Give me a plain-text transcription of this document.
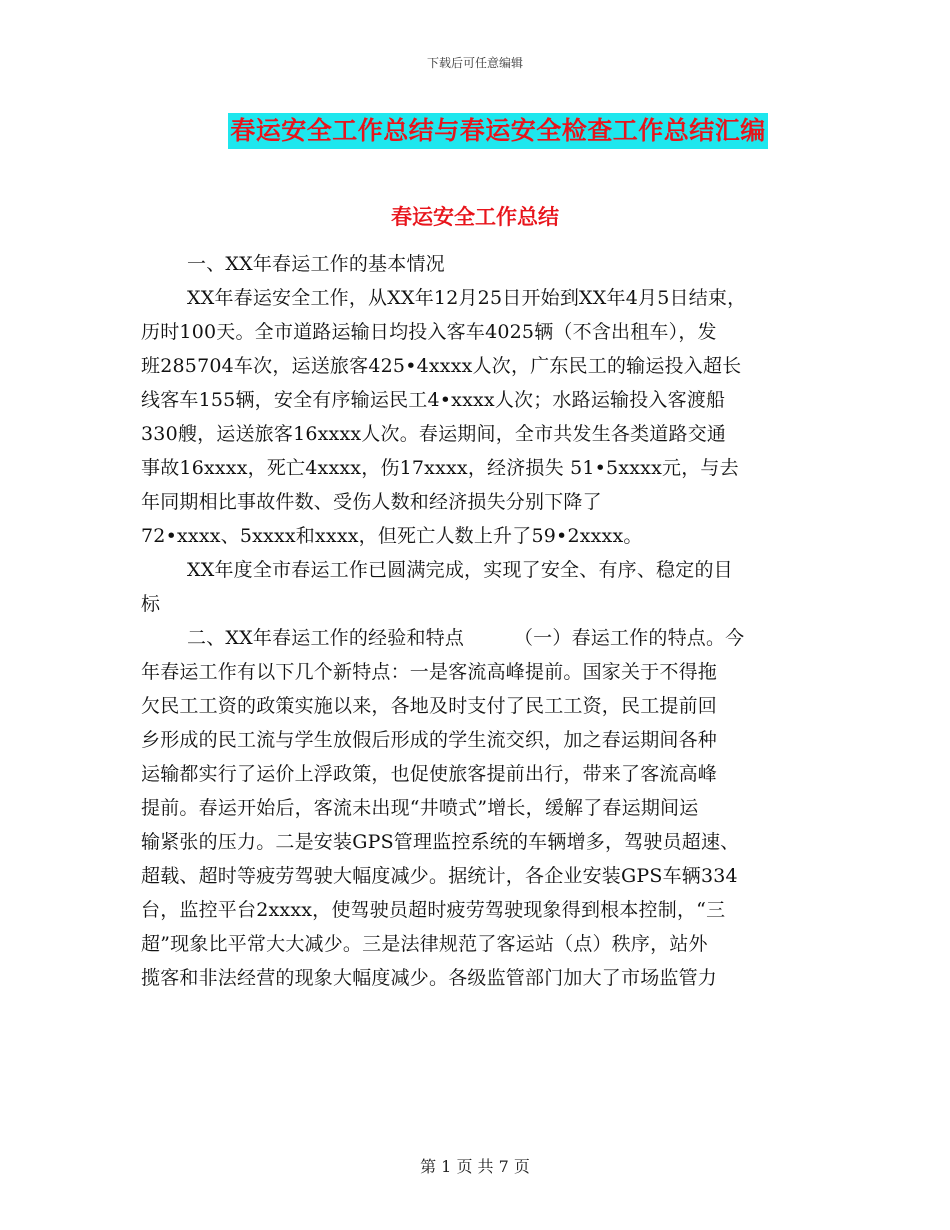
下载后可任意编辑
春运安全工作总结与春运安全检查工作总结汇编
春运安全工作总结
一、XX年春运工作的基本情况
XX年春运安全工作，从XX年12月25日开始到XX年4月5日结束，
历时100天。全市道路运输日均投入客车4025辆（不含出租车），发
班285704车次，运送旅客425•4xxxx人次，广东民工的输运投入超长
线客车155辆，安全有序输运民工4•xxxx人次；水路运输投入客渡船
330艘，运送旅客16xxxx人次。春运期间，全市共发生各类道路交通
事故16xxxx，死亡4xxxx，伤17xxxx，经济损失 51•5xxxx元，与去
年同期相比事故件数、受伤人数和经济损失分别下降了
72•xxxx、5xxxx和xxxx，但死亡人数上升了59•2xxxx。
XX年度全市春运工作已圆满完成，实现了安全、有序、稳定的目
标
二、XX年春运工作的经验和特点        （一）春运工作的特点。今
年春运工作有以下几个新特点：一是客流高峰提前。国家关于不得拖
欠民工工资的政策实施以来，各地及时支付了民工工资，民工提前回
乡形成的民工流与学生放假后形成的学生流交织，加之春运期间各种
运输都实行了运价上浮政策，也促使旅客提前出行，带来了客流高峰
提前。春运开始后，客流未出现“井喷式”增长，缓解了春运期间运
输紧张的压力。二是安装GPS管理监控系统的车辆增多，驾驶员超速、
超载、超时等疲劳驾驶大幅度减少。据统计，各企业安装GPS车辆334
台，监控平台2xxxx，使驾驶员超时疲劳驾驶现象得到根本控制，“三
超”现象比平常大大减少。三是法律规范了客运站（点）秩序，站外
揽客和非法经营的现象大幅度减少。各级监管部门加大了市场监管力
第 1 页 共 7 页
